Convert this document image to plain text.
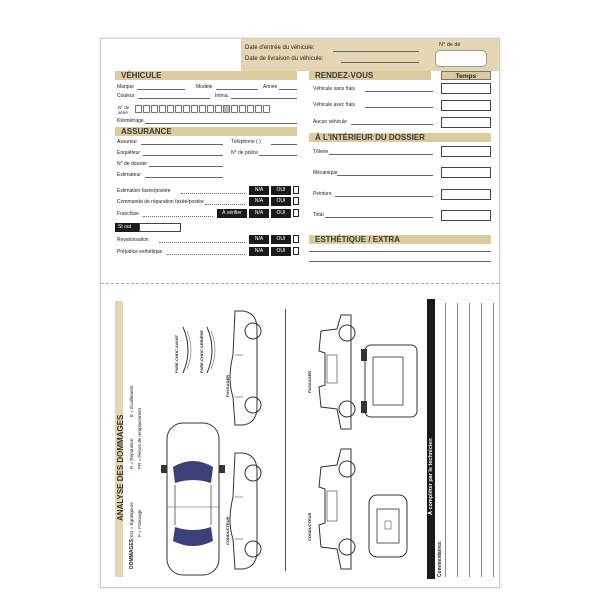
Date d'entrée du véhicule:
Date de livraison du véhicule:
N° de dé
VÉHICULE
Marque	Modèle	Année
Couleur	Imma.
N° de série
Kilométrage
ASSURANCE
Assureur	Téléphone ( )
Enquêteur	N° de police
N° de dossier
Estimateur
Estimation faxée/postée	N/A	OUI
Commande de réparation faxée/postée	N/A	OUI
Franchise	À vérifier	N/A	OUI
St out
Revalorisation	N/A	OUI
Préjudice esthétique	N/A	OUI
RENDEZ-VOUS	Temps
Véhicule sans frais
Véhicule avec frais
Aucun véhicule
À L'INTÉRIEUR DU DOSSIER
Tôlerie
Mécanique
Peinture
Total
ESTHÉTIQUE / EXTRA
ANALYSE DES DOMMAGES
DOMMAGES:
EG = Égratignure P = Polissage
R = Réparation PR = Pièces de remplacement
E = Écaillement
PARE-CHOC AVANT	PARE-CHOC ARRIÈRE
PASSAGER
CONDUCTEUR
PASSAGER
CONDUCTEUR
À compléter par le technicien
Commentaires:
